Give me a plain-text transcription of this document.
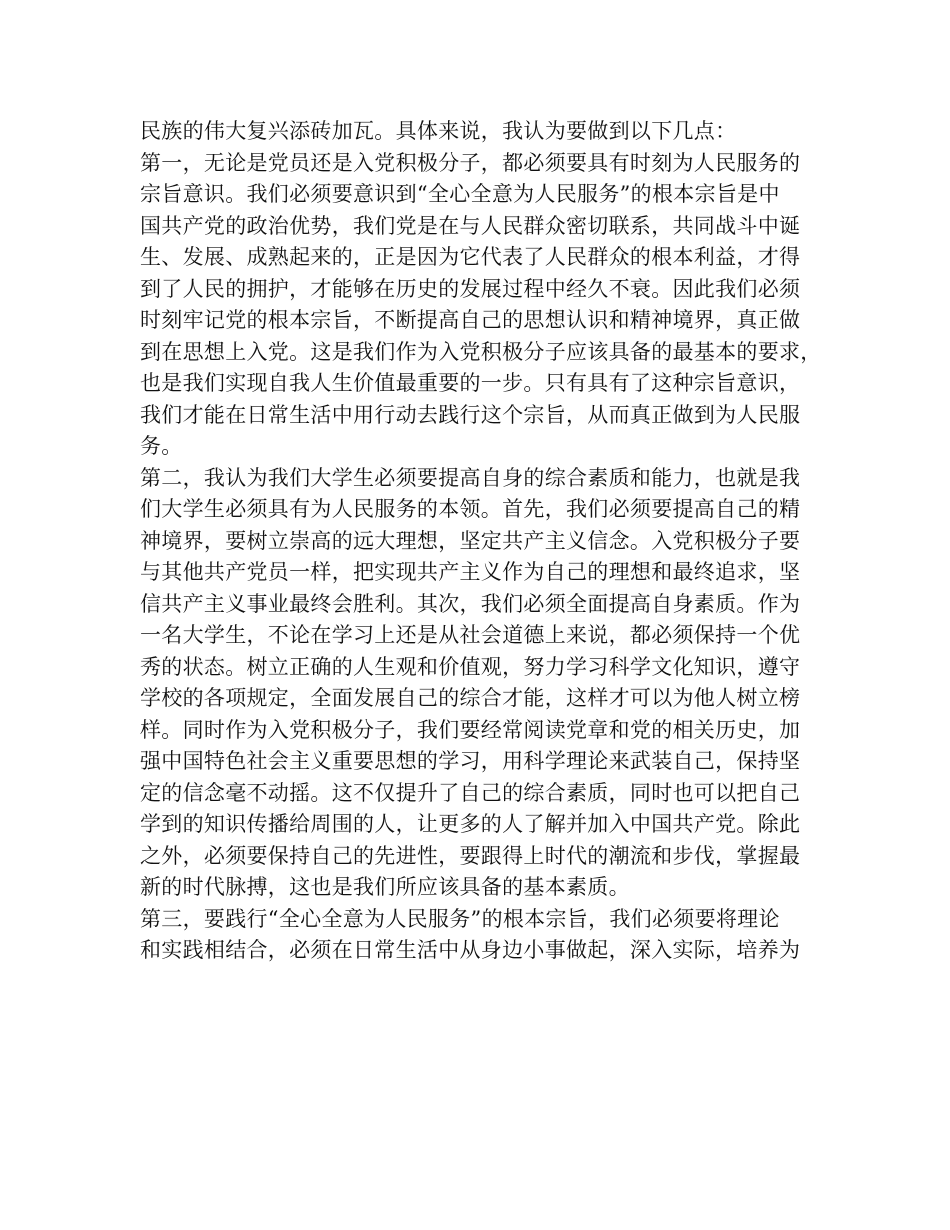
民族的伟大复兴添砖加瓦。具体来说，我认为要做到以下几点：
第一，无论是党员还是入党积极分子，都必须要具有时刻为人民服务的
宗旨意识。我们必须要意识到“全心全意为人民服务”的根本宗旨是中
国共产党的政治优势，我们党是在与人民群众密切联系，共同战斗中诞
生、发展、成熟起来的，正是因为它代表了人民群众的根本利益，才得
到了人民的拥护，才能够在历史的发展过程中经久不衰。因此我们必须
时刻牢记党的根本宗旨，不断提高自己的思想认识和精神境界，真正做
到在思想上入党。这是我们作为入党积极分子应该具备的最基本的要求，
也是我们实现自我人生价值最重要的一步。只有具有了这种宗旨意识，
我们才能在日常生活中用行动去践行这个宗旨，从而真正做到为人民服
务。
第二，我认为我们大学生必须要提高自身的综合素质和能力，也就是我
们大学生必须具有为人民服务的本领。首先，我们必须要提高自己的精
神境界，要树立崇高的远大理想，坚定共产主义信念。入党积极分子要
与其他共产党员一样，把实现共产主义作为自己的理想和最终追求，坚
信共产主义事业最终会胜利。其次，我们必须全面提高自身素质。作为
一名大学生，不论在学习上还是从社会道德上来说，都必须保持一个优
秀的状态。树立正确的人生观和价值观，努力学习科学文化知识，遵守
学校的各项规定，全面发展自己的综合才能，这样才可以为他人树立榜
样。同时作为入党积极分子，我们要经常阅读党章和党的相关历史，加
强中国特色社会主义重要思想的学习，用科学理论来武装自己，保持坚
定的信念毫不动摇。这不仅提升了自己的综合素质，同时也可以把自己
学到的知识传播给周围的人，让更多的人了解并加入中国共产党。除此
之外，必须要保持自己的先进性，要跟得上时代的潮流和步伐，掌握最
新的时代脉搏，这也是我们所应该具备的基本素质。
第三，要践行“全心全意为人民服务”的根本宗旨，我们必须要将理论
和实践相结合，必须在日常生活中从身边小事做起，深入实际，培养为
